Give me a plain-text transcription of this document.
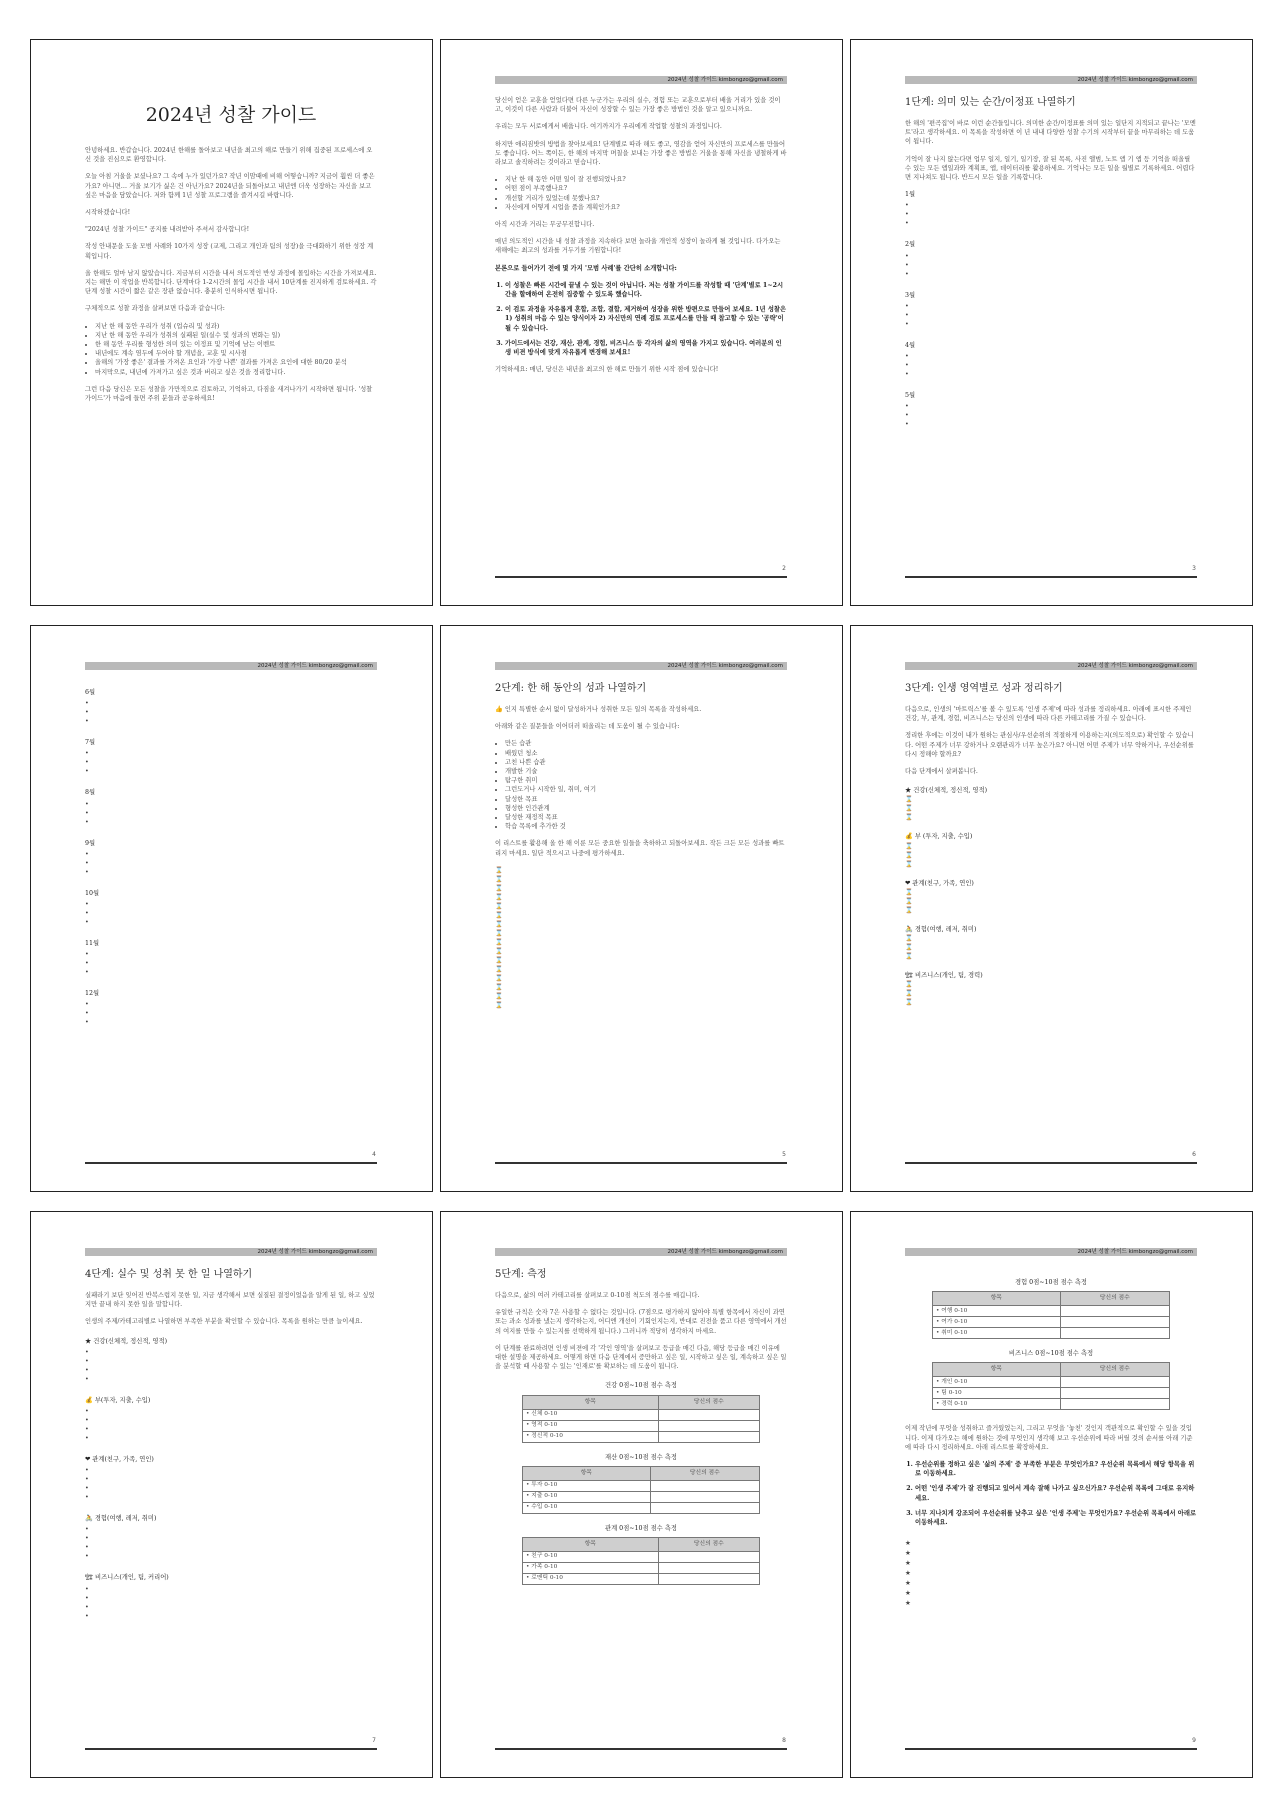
2024년 성찰 가이드

안녕하세요. 반갑습니다. 2024년 한해를 돌아보고 내년을 최고의 해로 만들기 위해 집중된 프로세스에 오신 것을 진심으로 환영합니다.

오늘 아침 거울을 보셨나요? 그 속에 누가 있던가요? 작년 이맘때에 비해 어떻습니까? 지금이 훨씬 더 좋은가요? 아니면… 거울 보기가 싫은 건 아닌가요? 2024년을 되돌아보고 내년엔 더욱 성장하는 자신을 보고 싶은 마음을 담았습니다. 저와 함께 1년 성찰 프로그램을 즐겨시길 바랍니다.

시작하겠습니다!

"2024년 성찰 가이드" 공지를 내려받아 주셔서 감사합니다!

작성 안내문을 도울 모범 사례와 10가지 성장 (교제, 그리고 개인과 팀의 성장)을 극대화하기 위한 성장 계획입니다.

올 한해도 얼마 남지 않았습니다. 지금부터 시간을 내서 의도적인 반성 과정에 몰입하는 시간을 가져보세요. 지는 해만 이 작업을 반복합니다. 단계마다 1-2시간의 몰입 시간을 내서 10단계를 진지하게 검토하세요. 각 단계 성찰 시간이 짧은 같은 장관 없습니다. 충분히 인식하시면 됩니다.

구체적으로 성찰 과정을 살펴보면 다음과 같습니다:

• 지난 한 해 동안 우리가 성취 (업슈리 및 성과)
• 지난 한 해 동안 우리가 성취의 실패된 일(실수 및 성과의 변화는 일)
• 한 해 동안 우리를 형성한 의미 있는 이정표 및 기억에 남는 이벤트
• 내년에도 계속 염두에 두어야 할 개념을, 교훈 및 시사점
• 올해의 '가장 좋은' 결과를 가져온 요인과 '가장 나쁜' 결과를 가져온 요인에 대한 80/20 분석
• 마지막으로, 내년에 가져가고 싶은 것과 버리고 싶은 것을 정리합니다.

그런 다음 당신은 모든 성찰을 가만적으로 검토하고, 기억하고, 다짐을 새겨나가기 시작하면 됩니다. '성찰 가이드'가 마음에 들면 주위 분들과 공유하세요!

2024년 성찰 가이드 kimbongzo@gmail.com

당신이 얻은 교훈을 얻었다면 다른 누군가는 우리의 실수, 경험 또는 교훈으로부터 배울 거리가 있을 것이고, 이것이 다른 사람과 더불어 자신이 성장할 수 있는 가장 좋은 방법인 것을 알고 있으니까요.

우리는 모두 서로에게서 배웁니다. 여기까지가 우리에게 작업할 성찰의 과정입니다.

하지만 애리짐밧의 방법을 찾아보세요! 단계별로 따라 해도 좋고, 영감을 얻어 자신만의 프로세스를 만들어도 좋습니다. 어느 쪽이든, 한 해의 마지막 며칠을 보내는 가장 좋은 방법은 거울을 통해 자신을 냉철하게 바라보고 솔직하려는 것이라고 믿습니다.

• 지난 한 해 동안 어떤 일이 잘 진행되었나요?
• 어떤 점이 부족했나요?
• 개선할 거리가 있었는데 못했나요?
• 자신에게 어떻게 시업을 품을 계획인가요?

아직 시간과 거리는 무궁무진합니다.

매년 의도적인 시간을 내 성찰 과정을 지속하다 보면 놀라울 개인적 성장이 놀라게 될 것입니다. 다가오는 새해에는 최고의 성과를 거두기를 기원합니다!

본론으로 들어가기 전에 몇 가지 '모범 사례'를 간단히 소개합니다:

1. 이 성찰은 빠른 시간에 끝낼 수 있는 것이 아닙니다. 저는 성찰 가이드를 작성할 때 '단계'별로 1~2시간을 할애하여 온전히 집중할 수 있도록 했습니다.
2. 이 검토 과정을 자유롭게 혼합, 조합, 결합, 제거하여 성장을 위한 방편으로 만들어 보세요. 1년 성찰은 1) 성취의 마음 수 있는 양식이자 2) 자신만의 연례 검토 프로세스를 만들 때 참고할 수 있는 '공략'이 될 수 있습니다.
3. 가이드에서는 건강, 재산, 관계, 경험, 비즈니스 등 각자의 삶의 영역을 가지고 있습니다. 여러분의 인생 비젼 방식에 맞게 자유롭게 변경해 보세요!

기억하세요: 매년, 당신은 내년을 최고의 한 해로 만들기 위한 시작 점에 있습니다!

2
2024년 성찰 가이드 kimbongzo@gmail.com
1단계: 의미 있는 순간/이정표 나열하기

한 해의 '편곡집'이 바로 이런 순간들입니다. 의미한 순간/이정표를 의미 있는 일단지 지적되고 끝나는 '모멘트'라고 생각하세요. 이 목록을 작성하면 이 년 내내 다양한 성찰 수기의 시작부터 끝을 마무리하는 데 도움이 됩니다.

기억이 잘 나지 않는다면 업무 일지, 일기, 일기장, 잘 된 목록, 사진 앨범, 노트 앱 기 앱 등 기억을 떠올릴 수 있는 모든 앱일과와 계획표, 앱, 데이터리를 활용하세요. 기억나는 모든 일을 월별로 기록하세요. 어렵다면 지나쳐도 됩니다. 반드시 모든 일을 기록합니다.

1월
•
•
•
2월
•
•
•
3월
•
•
•
4월
•
•
•
5월
•
•
•
3
2024년 성찰 가이드 kimbongzo@gmail.com
6월
•
•
•
7월
•
•
•
8월
•
•
•
9월
•
•
•
10월
•
•
•
11월
•
•
•
12월
•
•
•
4
2024년 성찰 가이드 kimbongzo@gmail.com
2단계: 한 해 동안의 성과 나열하기

👍 인지 특별한 순서 없이 달성하거나 성취한 모든 일의 목록을 작성하세요.

아래와 같은 질문들을 이어더러 떠올리는 데 도움이 될 수 있습니다:

• 만든 습관
• 배웠던 청소
• 고친 나쁜 습관
• 개발한 기술
• 탐구한 취미
• 그런도거나 시작한 일, 취미, 여기
• 달성한 목표
• 형성한 인간관계
• 달성한 재정적 목표
• 학습 목록에 추가한 것

이 리스트를 활용해 올 한 해 이룬 모든 중요한 일들을 축하하고 되돌아보세요. 작든 크든 모든 성과를 빠트리지 마세요. 일단 적으시고 나중에 평가하세요.

⌛
⌛
⌛
⌛
⌛
⌛
⌛
⌛
⌛
⌛
⌛
⌛
⌛
⌛
⌛
⌛
5
2024년 성찰 가이드 kimbongzo@gmail.com
3단계: 인생 영역별로 성과 정리하기

다음으로, 인생의 '마트릭스'를 볼 수 있도록 '인생 주제'에 따라 성과를 정리하세요. 아래에 표시한 주제인 건강, 부, 관계, 경험, 비즈니스는 당신의 인생에 따라 다른 카테고리를 가질 수 있습니다.

정리한 후에는 이것이 내가 원하는 관심사/우선순위의 적절하게 이용하는지(의도적으로) 확인할 수 있습니다. 어떤 주제가 너무 강하거나 오랜관리가 너무 높은가요? 아니면 어떤 주제가 너무 약하거나, 우선순위를 다시 정해야 할까요?

다음 단계에서 살펴봅니다.

★ 건강(신체적, 정신적, 영적)
⌛
⌛
⌛
💰 부 (투자, 지출, 수입)
⌛
⌛
⌛
❤ 관계(친구, 가족, 연인)
⌛
⌛
⌛
🚴 경험(여행, 레저, 취미)
⌛
⌛
⌛
🏗 비즈니스(개인, 팀, 경력)
⌛
⌛
⌛
6
2024년 성찰 가이드 kimbongzo@gmail.com
4단계: 실수 및 성취 못 한 일 나열하기

실패라기 보단 잊어진 반복스럽지 못한 일, 지금 생각해서 보면 실질된 결정이었음을 알게 된 일, 하고 싶었지만 끝내 하지 못한 일을 말합니다.

인생의 주제/카테고리별로 나열하면 부족한 부분을 확인할 수 있습니다. 목록을 원하는 만큼 늘이세요.

★ 건강(신체적, 정신적, 영적)
•
•
•
•
💰 부(투자, 지출, 수입)
•
•
•
•
❤ 관계(친구, 가족, 연인)
•
•
•
•
🚴 경험(여행, 레저, 취미)
•
•
•
•
🏗 비즈니스(개인, 팀, 커리어)
•
•
•
•
7
2024년 성찰 가이드 kimbongzo@gmail.com
5단계: 측정

다음으로, 삶의 여러 카테고리를 살펴보고 0-10점 척도의 점수를 매깁니다.

유일한 규칙은 숫자 7은 사용할 수 없다는 것입니다. (7점으로 평가하지 않아야 특별 항목에서 자신이 과연 또는 과소 성과를 냈는지 생각하는지, 어디엔 개선이 기회인지는지, 반대로 진전을 품고 다른 영역에서 개선의 여지를 만들 수 있는지를 선택하게 됩니다.) 그러니까 적당히 생각하지 마세요.

이 단계를 완료하려면 인생 비젼에 각 '각인 영역'을 살펴보고 등급을 매긴 다음, 해당 등급을 매긴 이유에 대한 설명을 제공하세요. 어떻게 하면 다음 단계에서 증만하고 싶은 일, 시작하고 싶은 일, 계속하고 싶은 일을 분석할 때 사용할 수 있는 '인재로'를 확보하는 데 도움이 됩니다.

건강 0점~10점 점수 측정
항목	당신의 점수
• 신체 0-10	
• 영적 0-10	
• 정신적 0-10	
재산 0점~10점 점수 측정
항목	당신의 점수
• 투자 0-10	
• 지출 0-10	
• 수입 0-10	
관계 0점~10점 점수 측정
항목	당신의 점수
• 친구 0-10	
• 가족 0-10	
• 로맨틱 0-10	
8
2024년 성찰 가이드 kimbongzo@gmail.com
경험 0점~10점 점수 측정
항목	당신의 점수
• 여행 0-10	
• 여가 0-10	
• 취미 0-10	
비즈니스 0점~10점 점수 측정
항목	당신의 점수
• 개인 0-10	
• 팀 0-10	
• 경력 0-10	

이제 작년에 무엇을 성취하고 즐거웠었는지, 그리고 무엇을 '놓친' 것인지 객관적으로 확인할 수 있을 것입니다. 이제 다가오는 해에 원하는 것에 무엇인지 생각해 보고 우선순위에 따라 버릴 것의 순서를 아래 기준에 따라 다시 정리하세요. 아래 리스트를 확장하세요.

1. 우선순위를 정하고 싶은 '삶의 주제' 중 부족한 부분은 무엇인가요? 우선순위 목록에서 해당 항목을 위로 이동하세요.
2. 어떤 '인생 주제'가 잘 진행되고 있어서 계속 잘해 나가고 싶으신가요? 우선순위 목록에 그대로 유지하세요.
3. 너무 지나치게 강조되어 우선순위를 낮추고 싶은 '인생 주제'는 무엇인가요? 우선순위 목록에서 아래로 이동하세요.
★
★
★
★
★
★
★
9
